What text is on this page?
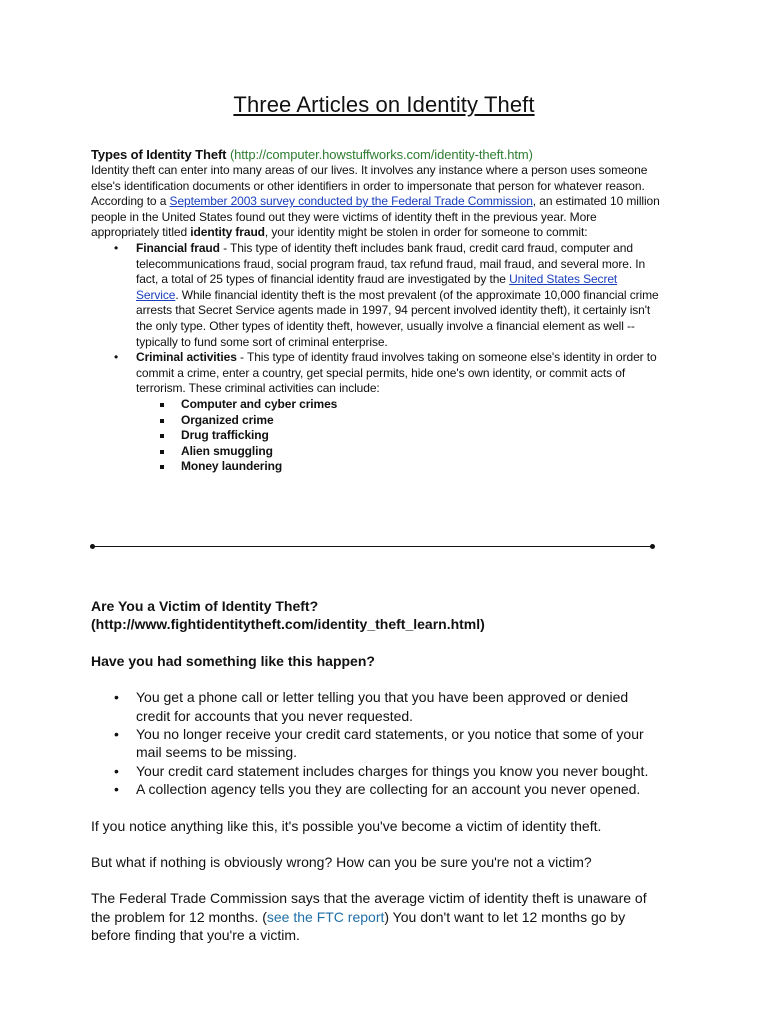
Three Articles on Identity Theft

Types of Identity Theft (http://computer.howstuffworks.com/identity-theft.htm)

Identity theft can enter into many areas of our lives. It involves any instance where a person uses someone else's identification documents or other identifiers in order to impersonate that person for whatever reason. According to a September 2003 survey conducted by the Federal Trade Commission, an estimated 10 million people in the United States found out they were victims of identity theft in the previous year. More appropriately titled identity fraud, your identity might be stolen in order for someone to commit:

• Financial fraud - This type of identity theft includes bank fraud, credit card fraud, computer and telecommunications fraud, social program fraud, tax refund fraud, mail fraud, and several more. In fact, a total of 25 types of financial identity fraud are investigated by the United States Secret Service. While financial identity theft is the most prevalent (of the approximate 10,000 financial crime arrests that Secret Service agents made in 1997, 94 percent involved identity theft), it certainly isn't the only type. Other types of identity theft, however, usually involve a financial element as well -- typically to fund some sort of criminal enterprise.
• Criminal activities - This type of identity fraud involves taking on someone else's identity in order to commit a crime, enter a country, get special permits, hide one's own identity, or commit acts of terrorism. These criminal activities can include:
Computer and cyber crimes
Organized crime
Drug trafficking
Alien smuggling
Money laundering

Are You a Victim of Identity Theft?
(http://www.fightidentitytheft.com/identity_theft_learn.html)

Have you had something like this happen?

• You get a phone call or letter telling you that you have been approved or denied credit for accounts that you never requested.
• You no longer receive your credit card statements, or you notice that some of your mail seems to be missing.
• Your credit card statement includes charges for things you know you never bought.
• A collection agency tells you they are collecting for an account you never opened.

If you notice anything like this, it's possible you've become a victim of identity theft.

But what if nothing is obviously wrong? How can you be sure you're not a victim?

The Federal Trade Commission says that the average victim of identity theft is unaware of the problem for 12 months. (see the FTC report) You don't want to let 12 months go by before finding that you're a victim.
